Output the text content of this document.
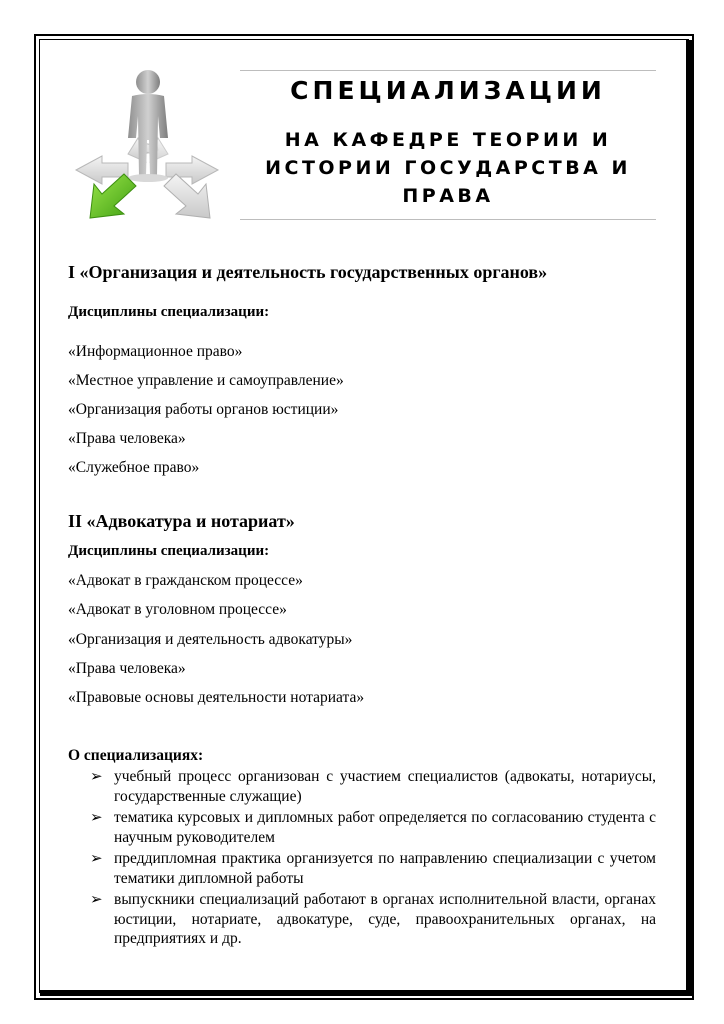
СПЕЦИАЛИЗАЦИИ
НА КАФЕДРЕ ТЕОРИИ И
ИСТОРИИ ГОСУДАРСТВА И
ПРАВА
I «Организация и деятельность государственных органов»
Дисциплины специализации:
«Информационное право»
«Местное управление и самоуправление»
«Организация работы органов юстиции»
«Права человека»
«Служебное право»
II «Адвокатура и нотариат»
Дисциплины специализации:
«Адвокат в гражданском процессе»
«Адвокат в уголовном процессе»
«Организация и деятельность адвокатуры»
«Права человека»
«Правовые основы деятельности нотариата»
О специализациях:
➢ учебный процесс организован с участием специалистов (адвокаты, нотариусы, государственные служащие)
➢ тематика курсовых и дипломных работ определяется по согласованию студента с научным руководителем
➢ преддипломная практика организуется по направлению специализации с учетом тематики дипломной работы
➢ выпускники специализаций работают в органах исполнительной власти, органах юстиции, нотариате, адвокатуре, суде, правоохранительных органах, на предприятиях и др.
